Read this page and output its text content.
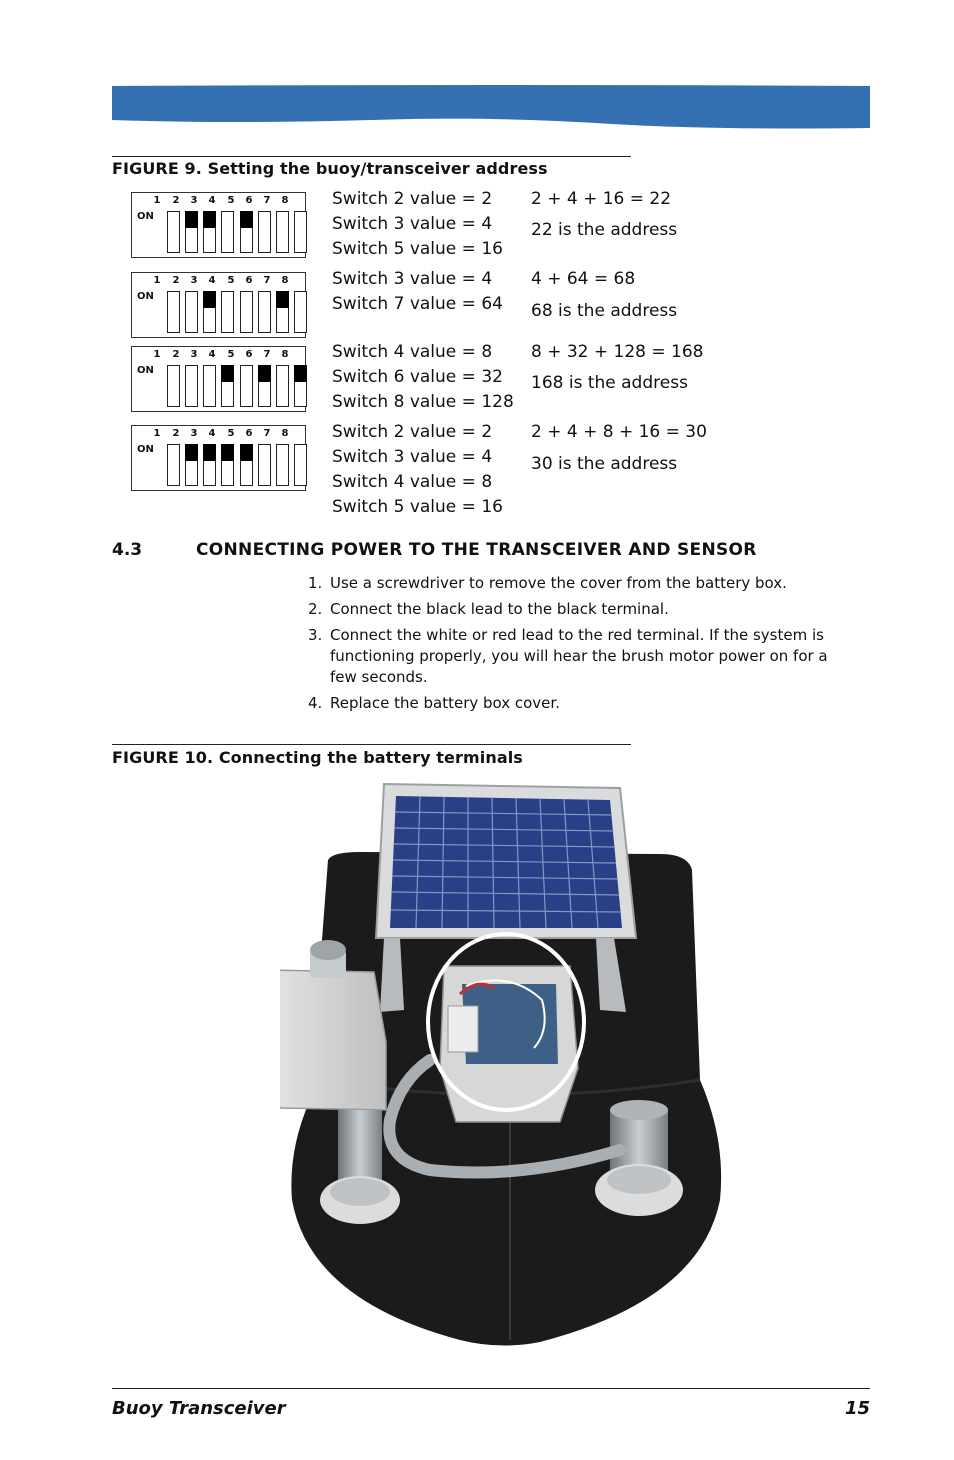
FIGURE 9. Setting the buoy/transceiver address
1	2	3	4	5	6	7	8
ON
1	2	3	4	5	6	7	8
ON
1	2	3	4	5	6	7	8
ON
1	2	3	4	5	6	7	8
ON
Switch 2 value = 2
Switch 3 value = 4
Switch 5 value = 16
2 + 4 + 16 = 22
22 is the address
Switch 3 value = 4
Switch 7 value = 64
4 + 64 = 68
68 is the address
Switch 4 value = 8
Switch 6 value = 32
Switch 8 value = 128
8 + 32 + 128 = 168
168 is the address
Switch 2 value = 2
Switch 3 value = 4
Switch 4 value = 8
Switch 5 value = 16
2 + 4 + 8 + 16 = 30
30 is the address
4.3	CONNECTING POWER TO THE TRANSCEIVER AND SENSOR
1. Use a screwdriver to remove the cover from the battery box.
2. Connect the black lead to the black terminal.
3. Connect the white or red lead to the red terminal. If the system is functioning properly, you will hear the brush motor power on for a few seconds.
4. Replace the battery box cover.
FIGURE 10. Connecting the battery terminals
Buoy Transceiver	15
